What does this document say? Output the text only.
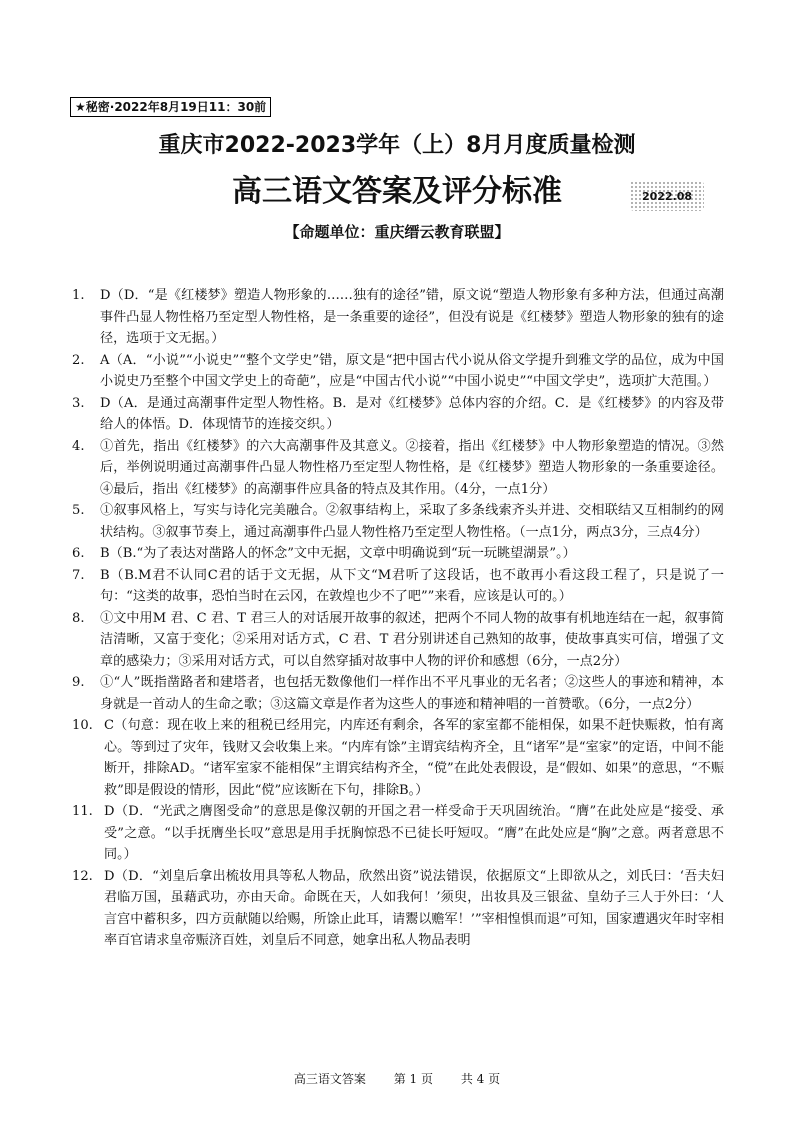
★秘密·2022年8月19日11：30前
重庆市2022-2023学年（上）8月月度质量检测
高三语文答案及评分标准	2022.08
【命题单位：重庆缙云教育联盟】
1. D（D．“是《红楼梦》塑造人物形象的……独有的途径”错，原文说“塑造人物形象有多种方法，但通过高潮事件凸显人物性格乃至定型人物性格，是一条重要的途径”，但没有说是《红楼梦》塑造人物形象的独有的途径，选项于文无据。）
2. A（A．“小说”“小说史”“整个文学史”错，原文是“把中国古代小说从俗文学提升到雅文学的品位，成为中国小说史乃至整个中国文学史上的奇葩”，应是“中国古代小说”“中国小说史”“中国文学史”，选项扩大范围。）
3. D（A．是通过高潮事件定型人物性格。B．是对《红楼梦》总体内容的介绍。C．是《红楼梦》的内容及带给人的体悟。D．体现情节的连接交织。）
4. ①首先，指出《红楼梦》的六大高潮事件及其意义。②接着，指出《红楼梦》中人物形象塑造的情况。③然后，举例说明通过高潮事件凸显人物性格乃至定型人物性格，是《红楼梦》塑造人物形象的一条重要途径。④最后，指出《红楼梦》的高潮事件应具备的特点及其作用。（4分，一点1分）
5. ①叙事风格上，写实与诗化完美融合。②叙事结构上，采取了多条线索齐头并进、交相联结又互相制约的网状结构。③叙事节奏上，通过高潮事件凸显人物性格乃至定型人物性格。（一点1分，两点3分，三点4分）
6. B（B.“为了表达对凿路人的怀念”文中无据，文章中明确说到“玩一玩眺望湖景”。）
7. B（B.M君不认同C君的话于文无据，从下文“M君听了这段话，也不敢再小看这段工程了，只是说了一句：“这类的故事，恐怕当时在云冈，在敦煌也少不了吧””来看，应该是认可的。）
8. ①文中用M 君、C 君、T 君三人的对话展开故事的叙述，把两个不同人物的故事有机地连结在一起，叙事简洁清晰，又富于变化；②采用对话方式，C 君、T 君分别讲述自己熟知的故事，使故事真实可信，增强了文章的感染力；③采用对话方式，可以自然穿插对故事中人物的评价和感想（6分，一点2分）
9. ①“人”既指凿路者和建塔者，也包括无数像他们一样作出不平凡事业的无名者；②这些人的事迹和精神，本身就是一首动人的生命之歌；③这篇文章是作者为这些人的事迹和精神唱的一首赞歌。（6分，一点2分）
10. C（句意：现在收上来的租税已经用完，内库还有剩余，各军的家室都不能相保，如果不赶快赈救，怕有离心。等到过了灾年，钱财又会收集上来。“内库有馀”主谓宾结构齐全，且“诸军”是“室家”的定语，中间不能断开，排除AD。“诸军室家不能相保”主谓宾结构齐全，“傥”在此处表假设，是“假如、如果”的意思，“不赈救”即是假设的情形，因此“傥”应该断在下句，排除B。）
11. D（D．“光武之膺图受命”的意思是像汉朝的开国之君一样受命于天巩固统治。“膺”在此处应是“接受、承受”之意。“以手抚膺坐长叹”意思是用手抚胸惊恐不已徒长吁短叹。“膺”在此处应是“胸”之意。两者意思不同。）
12. D（D．“刘皇后拿出梳妆用具等私人物品，欣然出资”说法错误，依据原文“上即欲从之，刘氏曰：‘吾夫妇君临万国，虽藉武功，亦由天命。命既在天，人如我何！’须臾，出妆具及三银盆、皇幼子三人于外曰：‘人言宫中蓄积多，四方贡献随以给赐，所馀止此耳，请鬻以赡军！’”宰相惶惧而退”可知，国家遭遇灾年时宰相率百官请求皇帝赈济百姓，刘皇后不同意，她拿出私人物品表明
高三语文答案 第 1 页 共 4 页
